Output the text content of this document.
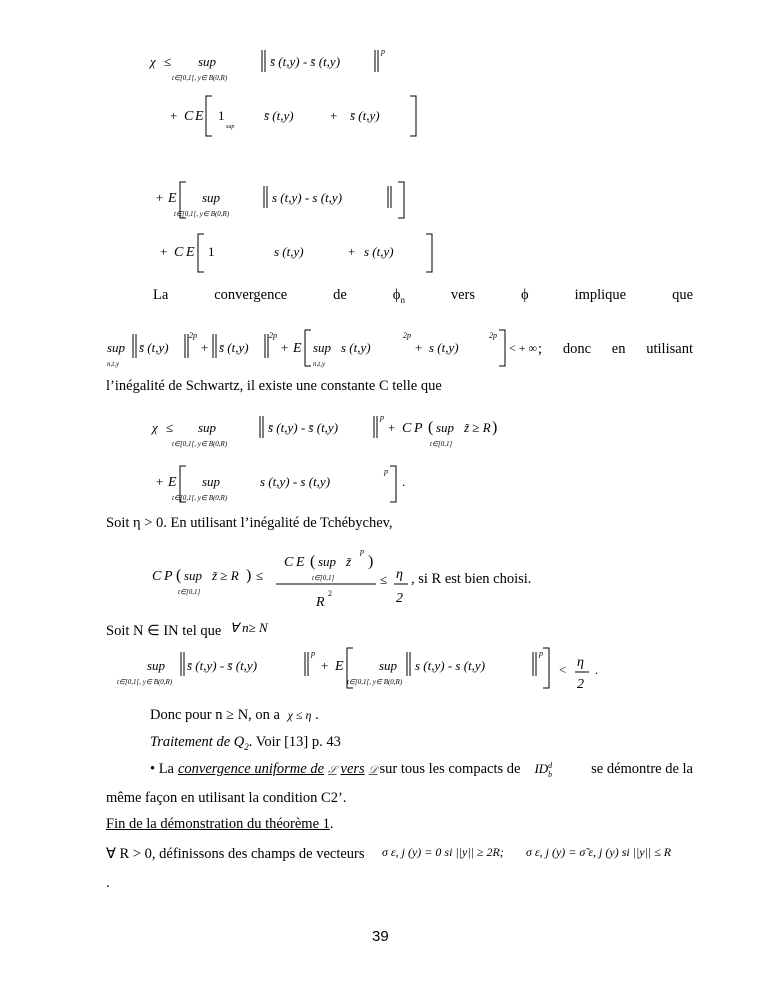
χ ≤ sup
t∈[0,1[, y∈ B(0,R)
s̄ (t,y) - s̄ (t,y)
p
+ C E 1
sup
s̄ (t,y)	+ s̄ (t,y)
+ E sup
t∈[0,1[, y∈ B(0,R)
s (t,y) - s (t,y)
+ C E 1	s (t,y)	+ s (t,y)
La	convergence	de	$\phi_n$	vers	ϕ	implique	que
sup
n,t,y
s̄ (t,y)
2p
+ s̄ (t,y)
2p
+ E sup
n,t,y
s (t,y)
2p
+ s (t,y)
2p
< + ∞ ; donc en utilisant
l’inégalité de Schwartz, il existe une constante C telle que
χ ≤ sup
t∈[0,1[, y∈ B(0,R)
s̄ (t,y) - s̄ (t,y)
p
+ C P ( sup
t∈[0,1]
z̃ ≥ R )
+ E sup
t∈[0,1[, y∈ B(0,R)
s (t,y) - s (t,y)
p
.
Soit η > 0. En utilisant l’inégalité de Tchébychev,
C P ( sup
t∈[0,1]
z̃ ≥ R ) ≤
C E ( sup
t∈[0,1]
z̃
p
)
R
2
≤ η
2
, si R est bien choisi.
Soit N ∈ IN tel que ∀ n≥ N
sup
t∈[0,1[, y∈ B(0,R)
s̄ (t,y) - s̄ (t,y)
p
+ E	sup
t∈[0,1[, y∈ B(0,R)
s (t,y) - s (t,y)
p
< η
2
.
Donc pour n ≥ N, on a χ ≤ η .
Traitement de $Q_2$. Voir [13] p. 43
• La convergence uniforme de 𝒮 vers 𝒟 sur tous les compacts de ID d
b	se démontre de la
même façon en utilisant la condition C2’.
Fin de la démonstration du théorème 1.
∀ R > 0, définissons des champs de vecteurs σ ε, j (y) = 0 si ||y|| ≥ 2R; σ ε, j (y) = σ̃ ε, j (y) si ||y|| ≤ R
.
39
